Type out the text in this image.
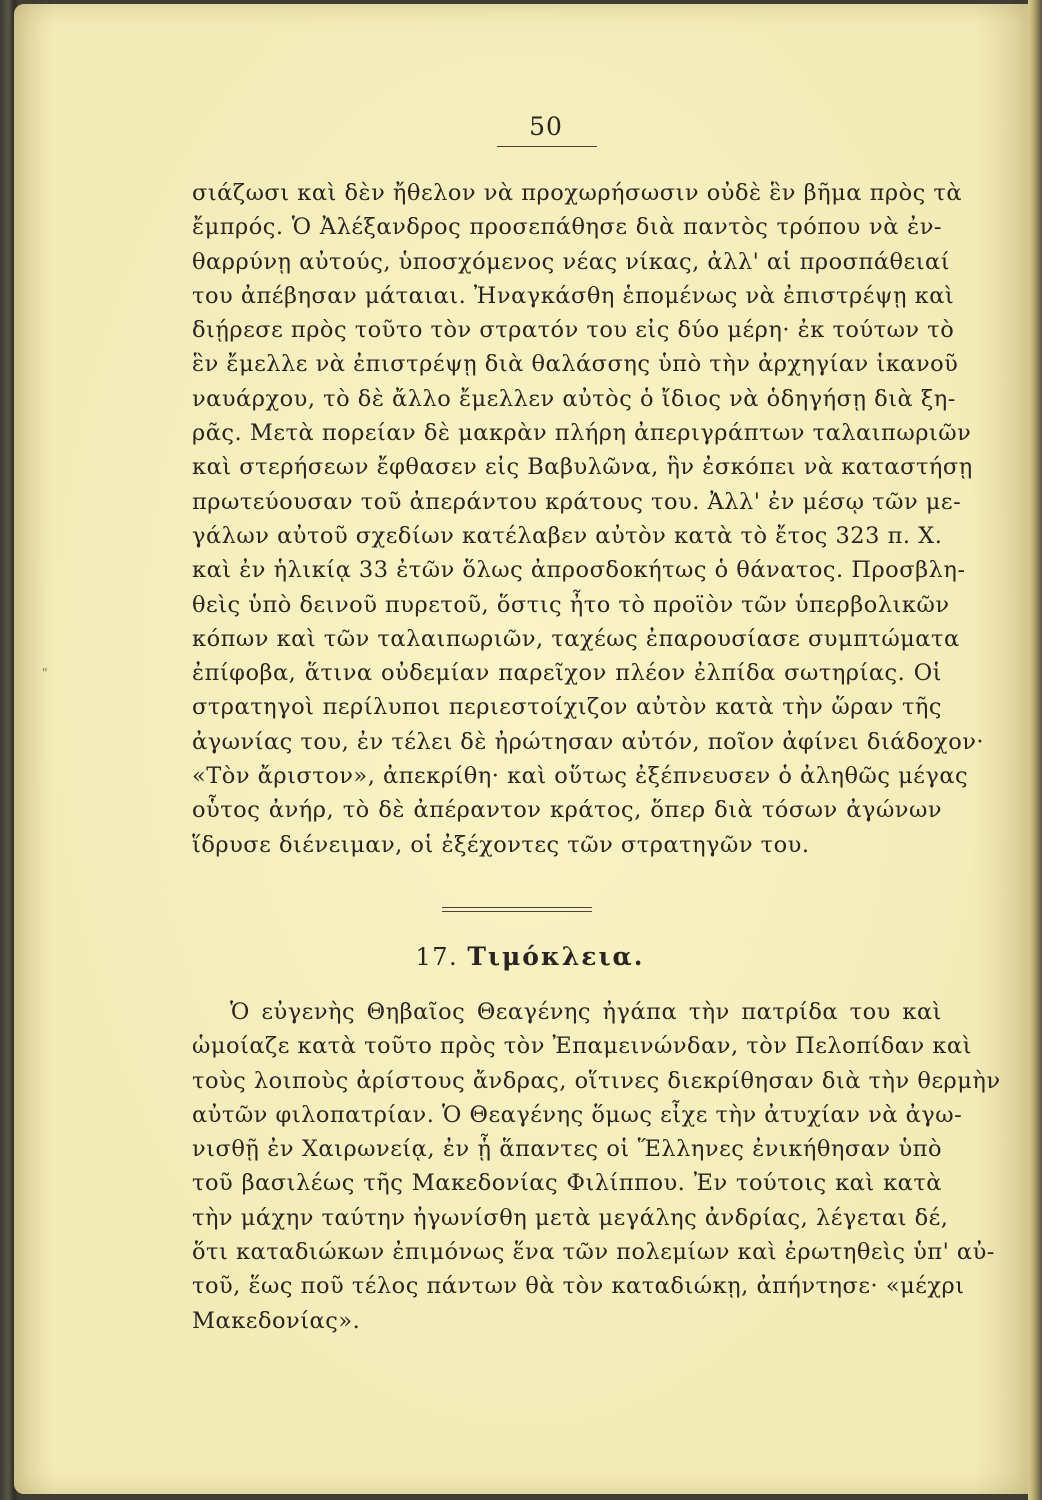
"
50
σιάζωσι καὶ δὲν ἤθελον νὰ προχωρήσωσιν οὐδὲ ἓν βῆμα πρὸς τὰ
ἔμπρός. Ὁ Ἀλέξανδρος προσεπάθησε διὰ παντὸς τρόπου νὰ ἐν-
θαρρύνῃ αὐτούς, ὑποσχόμενος νέας νίκας, ἀλλ' αἱ προσπάθειαί
του ἀπέβησαν μάταιαι. Ἠναγκάσθη ἑπομένως νὰ ἐπιστρέψῃ καὶ
διῄρεσε πρὸς τοῦτο τὸν στρατόν του εἰς δύο μέρη· ἐκ τούτων τὸ
ἓν ἔμελλε νὰ ἐπιστρέψῃ διὰ θαλάσσης ὑπὸ τὴν ἀρχηγίαν ἱκανοῦ
ναυάρχου, τὸ δὲ ἄλλο ἔμελλεν αὐτὸς ὁ ἴδιος νὰ ὁδηγήσῃ διὰ ξη-
ρᾶς. Μετὰ πορείαν δὲ μακρὰν πλήρη ἀπεριγράπτων ταλαιπωριῶν
καὶ στερήσεων ἔφθασεν εἰς Βαβυλῶνα, ἣν ἐσκόπει νὰ καταστήσῃ
πρωτεύουσαν τοῦ ἀπεράντου κράτους του. Ἀλλ' ἐν μέσῳ τῶν με-
γάλων αὐτοῦ σχεδίων κατέλαβεν αὐτὸν κατὰ τὸ ἔτος 323 π. Χ.
καὶ ἐν ἡλικίᾳ 33 ἐτῶν ὅλως ἀπροσδοκήτως ὁ θάνατος. Προσβλη-
θεὶς ὑπὸ δεινοῦ πυρετοῦ, ὅστις ἦτο τὸ προϊὸν τῶν ὑπερβολικῶν
κόπων καὶ τῶν ταλαιπωριῶν, ταχέως ἐπαρουσίασε συμπτώματα
ἐπίφοβα, ἅτινα οὐδεμίαν παρεῖχον πλέον ἐλπίδα σωτηρίας. Οἱ
στρατηγοὶ περίλυποι περιεστοίχιζον αὐτὸν κατὰ τὴν ὥραν τῆς
ἀγωνίας του, ἐν τέλει δὲ ἠρώτησαν αὐτόν, ποῖον ἀφίνει διάδοχον·
«Τὸν ἄριστον», ἀπεκρίθη· καὶ οὕτως ἐξέπνευσεν ὁ ἀληθῶς μέγας
οὗτος ἀνήρ, τὸ δὲ ἀπέραντον κράτος, ὅπερ διὰ τόσων ἀγώνων
ἵδρυσε διένειμαν, οἱ ἐξέχοντες τῶν στρατηγῶν του.
17. Τιμόκλεια.
Ὁ εὐγενὴς Θηβαῖος Θεαγένης ἠγάπα τὴν πατρίδα του καὶ
ὡμοίαζε κατὰ τοῦτο πρὸς τὸν Ἐπαμεινώνδαν, τὸν Πελοπίδαν καὶ
τοὺς λοιποὺς ἀρίστους ἄνδρας, οἵτινες διεκρίθησαν διὰ τὴν θερμὴν
αὐτῶν φιλοπατρίαν. Ὁ Θεαγένης ὅμως εἶχε τὴν ἀτυχίαν νὰ ἀγω-
νισθῇ ἐν Χαιρωνείᾳ, ἐν ᾗ ἅπαντες οἱ Ἕλληνες ἐνικήθησαν ὑπὸ
τοῦ βασιλέως τῆς Μακεδονίας Φιλίππου. Ἐν τούτοις καὶ κατὰ
τὴν μάχην ταύτην ἠγωνίσθη μετὰ μεγάλης ἀνδρίας, λέγεται δέ,
ὅτι καταδιώκων ἐπιμόνως ἕνα τῶν πολεμίων καὶ ἐρωτηθεὶς ὑπ' αὐ-
τοῦ, ἕως ποῦ τέλος πάντων θὰ τὸν καταδιώκῃ, ἀπήντησε· «μέχρι
Μακεδονίας».
